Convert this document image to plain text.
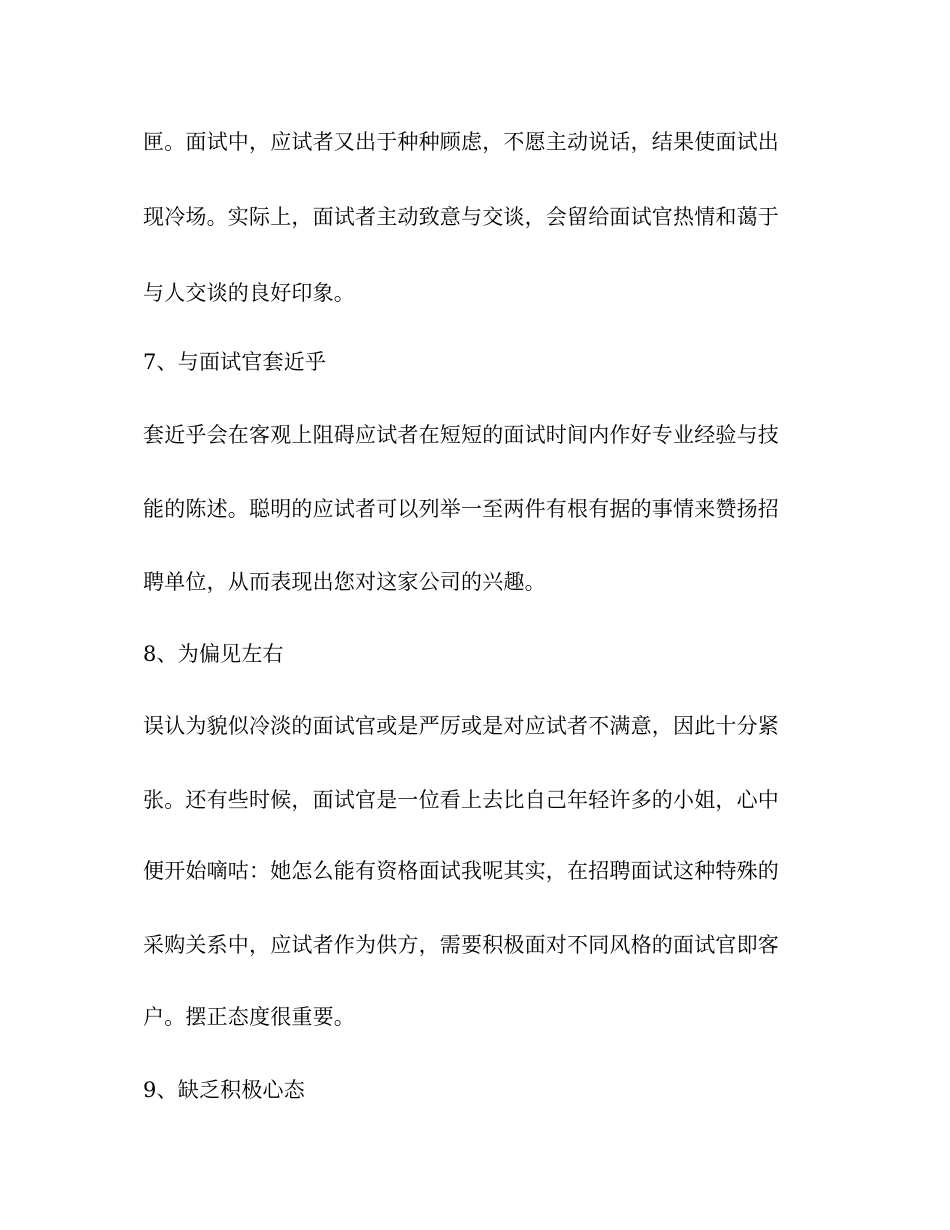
匣。面试中，应试者又出于种种顾虑，不愿主动说话，结果使面试出
现冷场。实际上，面试者主动致意与交谈，会留给面试官热情和蔼于
与人交谈的良好印象。
7、与面试官套近乎
套近乎会在客观上阻碍应试者在短短的面试时间内作好专业经验与技
能的陈述。聪明的应试者可以列举一至两件有根有据的事情来赞扬招
聘单位，从而表现出您对这家公司的兴趣。
8、为偏见左右
误认为貌似冷淡的面试官或是严厉或是对应试者不满意，因此十分紧
张。还有些时候，面试官是一位看上去比自己年轻许多的小姐，心中
便开始嘀咕：她怎么能有资格面试我呢其实，在招聘面试这种特殊的
采购关系中，应试者作为供方，需要积极面对不同风格的面试官即客
户。摆正态度很重要。
9、缺乏积极心态
